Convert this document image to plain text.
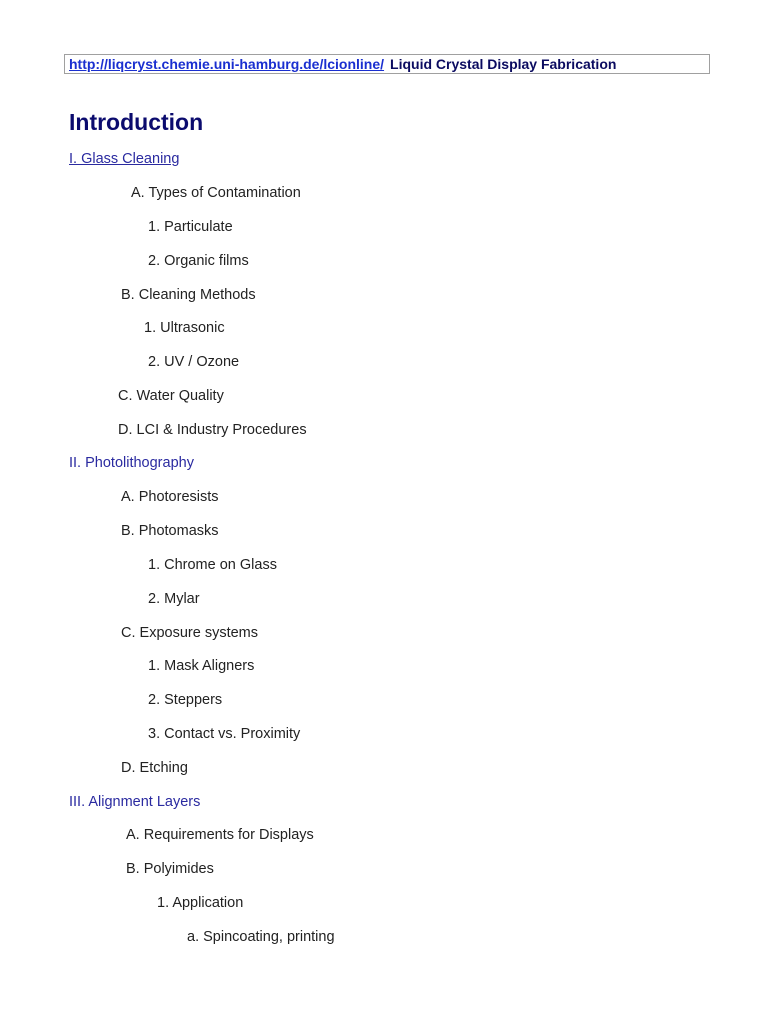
http://liqcryst.chemie.uni-hamburg.de/lcionline/ Liquid Crystal Display Fabrication
Introduction
I. Glass Cleaning
A. Types of Contamination
1. Particulate
2. Organic films
B. Cleaning Methods
1. Ultrasonic
2. UV / Ozone
C. Water Quality
D. LCI & Industry Procedures
II. Photolithography
A. Photoresists
B. Photomasks
1. Chrome on Glass
2. Mylar
C. Exposure systems
1. Mask Aligners
2. Steppers
3. Contact vs. Proximity
D. Etching
III. Alignment Layers
A. Requirements for Displays
B. Polyimides
1. Application
a. Spincoating, printing
